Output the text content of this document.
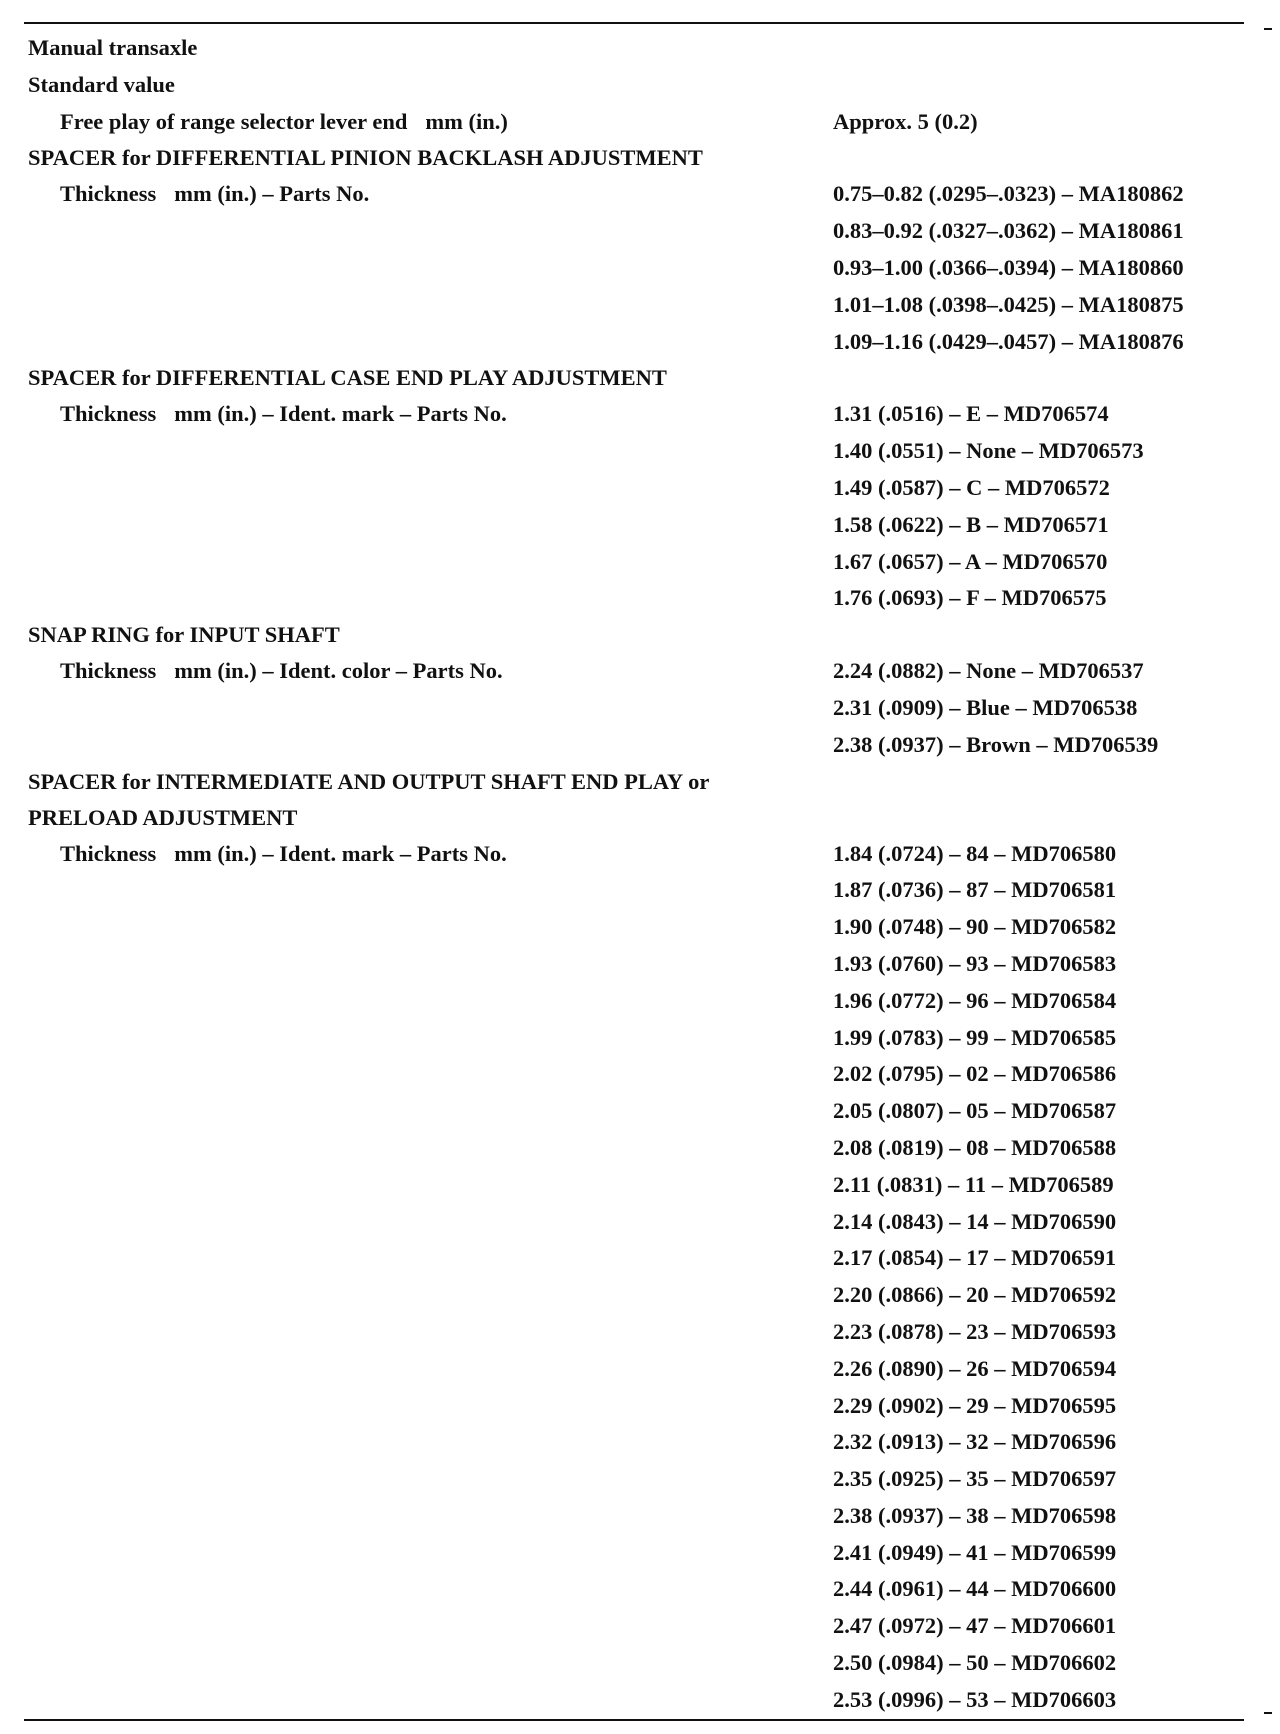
Manual transaxle
Standard value
Free play of range selector lever end mm (in.)	Approx. 5 (0.2)
SPACER for DIFFERENTIAL PINION BACKLASH ADJUSTMENT
Thickness mm (in.) – Parts No.	0.75–0.82 (.0295–.0323) – MA180862
0.83–0.92 (.0327–.0362) – MA180861
0.93–1.00 (.0366–.0394) – MA180860
1.01–1.08 (.0398–.0425) – MA180875
1.09–1.16 (.0429–.0457) – MA180876
SPACER for DIFFERENTIAL CASE END PLAY ADJUSTMENT
Thickness mm (in.) – Ident. mark – Parts No.	1.31 (.0516) – E – MD706574
1.40 (.0551) – None – MD706573
1.49 (.0587) – C – MD706572
1.58 (.0622) – B – MD706571
1.67 (.0657) – A – MD706570
1.76 (.0693) – F – MD706575
SNAP RING for INPUT SHAFT
Thickness mm (in.) – Ident. color – Parts No.	2.24 (.0882) – None – MD706537
2.31 (.0909) – Blue – MD706538
2.38 (.0937) – Brown – MD706539
SPACER for INTERMEDIATE AND OUTPUT SHAFT END PLAY or
PRELOAD ADJUSTMENT
Thickness mm (in.) – Ident. mark – Parts No.	1.84 (.0724) – 84 – MD706580
1.87 (.0736) – 87 – MD706581
1.90 (.0748) – 90 – MD706582
1.93 (.0760) – 93 – MD706583
1.96 (.0772) – 96 – MD706584
1.99 (.0783) – 99 – MD706585
2.02 (.0795) – 02 – MD706586
2.05 (.0807) – 05 – MD706587
2.08 (.0819) – 08 – MD706588
2.11 (.0831) – 11 – MD706589
2.14 (.0843) – 14 – MD706590
2.17 (.0854) – 17 – MD706591
2.20 (.0866) – 20 – MD706592
2.23 (.0878) – 23 – MD706593
2.26 (.0890) – 26 – MD706594
2.29 (.0902) – 29 – MD706595
2.32 (.0913) – 32 – MD706596
2.35 (.0925) – 35 – MD706597
2.38 (.0937) – 38 – MD706598
2.41 (.0949) – 41 – MD706599
2.44 (.0961) – 44 – MD706600
2.47 (.0972) – 47 – MD706601
2.50 (.0984) – 50 – MD706602
2.53 (.0996) – 53 – MD706603
